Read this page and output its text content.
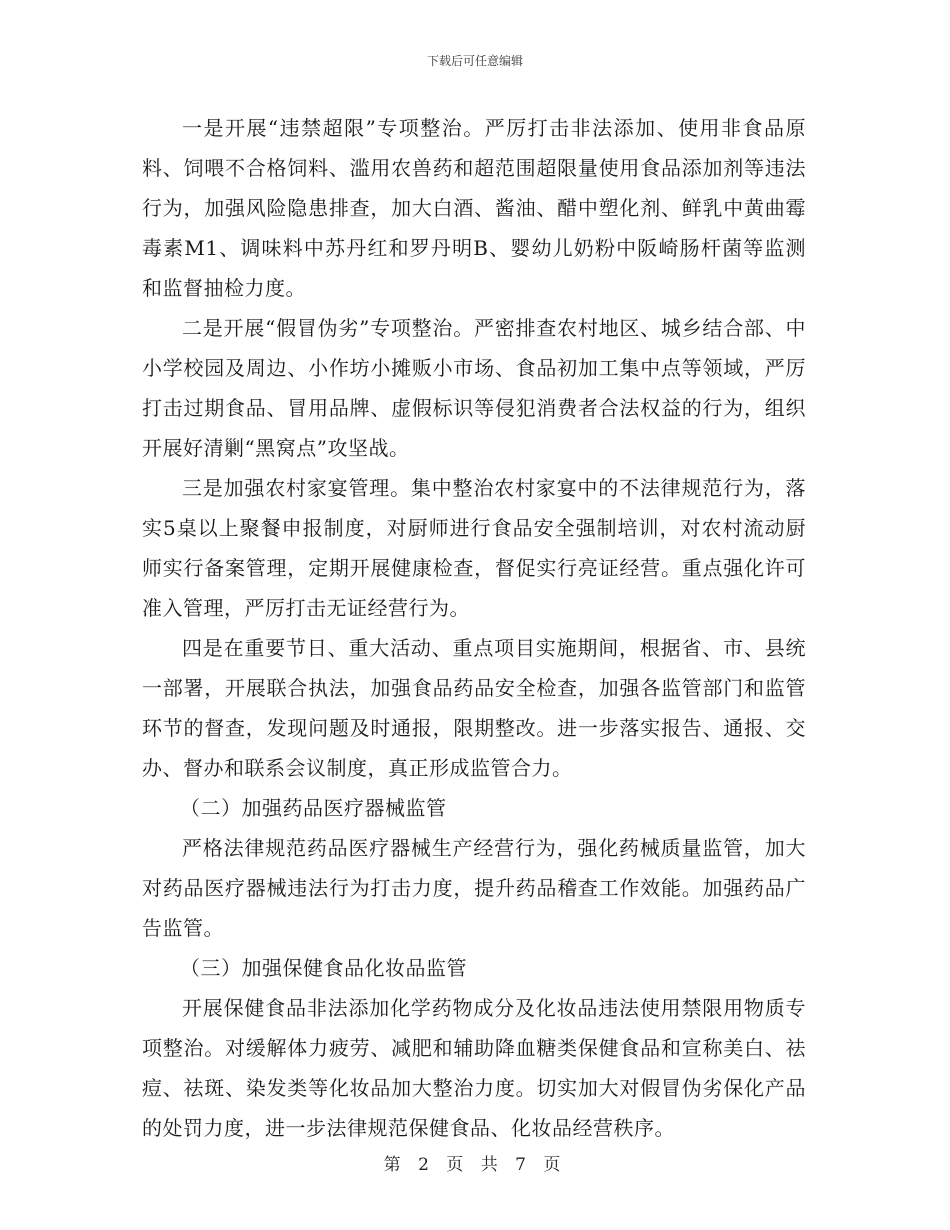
下载后可任意编辑

一是开展“违禁超限”专项整治。严厉打击非法添加、使用非食品原料、饲喂不合格饲料、滥用农兽药和超范围超限量使用食品添加剂等违法行为，加强风险隐患排查，加大白酒、酱油、醋中塑化剂、鲜乳中黄曲霉毒素M1、调味料中苏丹红和罗丹明B、婴幼儿奶粉中阪崎肠杆菌等监测和监督抽检力度。

二是开展“假冒伪劣”专项整治。严密排查农村地区、城乡结合部、中小学校园及周边、小作坊小摊贩小市场、食品初加工集中点等领域，严厉打击过期食品、冒用品牌、虚假标识等侵犯消费者合法权益的行为，组织开展好清剿“黑窝点”攻坚战。

三是加强农村家宴管理。集中整治农村家宴中的不法律规范行为，落实5桌以上聚餐申报制度，对厨师进行食品安全强制培训，对农村流动厨师实行备案管理，定期开展健康检查，督促实行亮证经营。重点强化许可准入管理，严厉打击无证经营行为。

四是在重要节日、重大活动、重点项目实施期间，根据省、市、县统一部署，开展联合执法，加强食品药品安全检查，加强各监管部门和监管环节的督查，发现问题及时通报，限期整改。进一步落实报告、通报、交办、督办和联系会议制度，真正形成监管合力。

（二）加强药品医疗器械监管

严格法律规范药品医疗器械生产经营行为，强化药械质量监管，加大对药品医疗器械违法行为打击力度，提升药品稽查工作效能。加强药品广告监管。

（三）加强保健食品化妆品监管

开展保健食品非法添加化学药物成分及化妆品违法使用禁限用物质专项整治。对缓解体力疲劳、减肥和辅助降血糖类保健食品和宣称美白、祛痘、祛斑、染发类等化妆品加大整治力度。切实加大对假冒伪劣保化产品的处罚力度，进一步法律规范保健食品、化妆品经营秩序。

第 2 页 共 7 页
